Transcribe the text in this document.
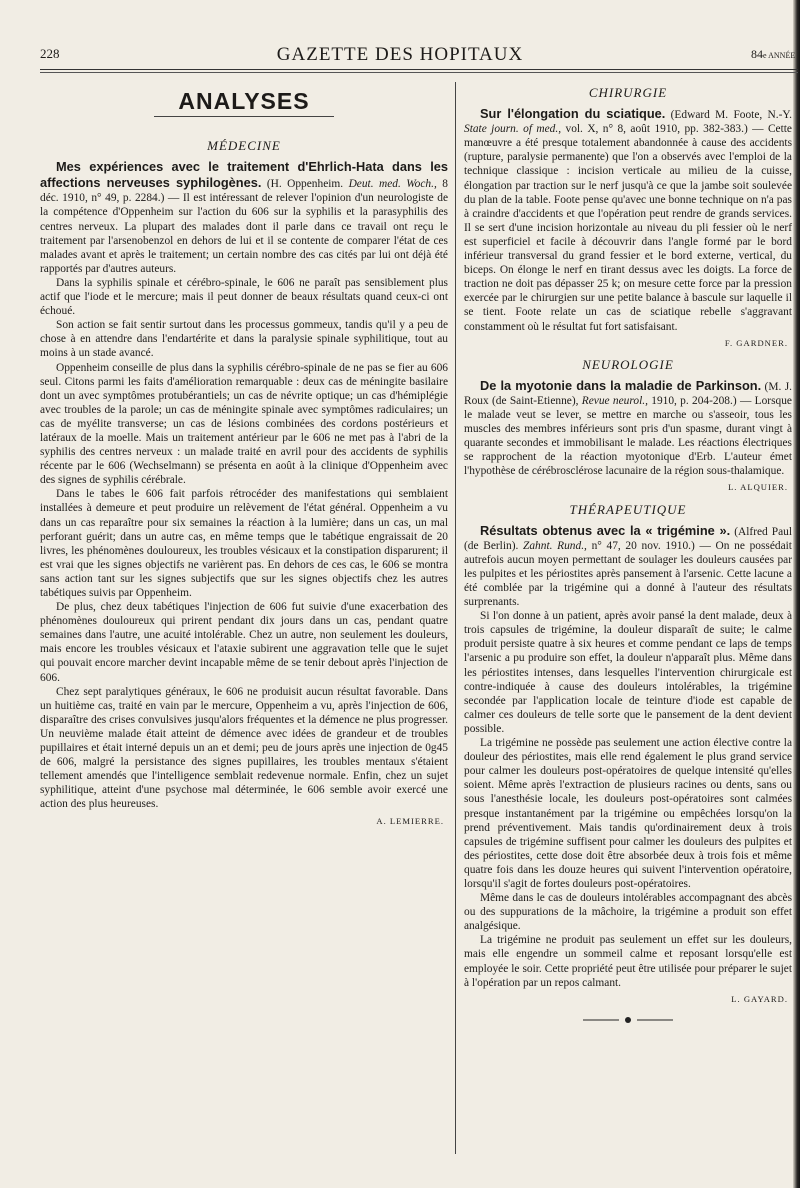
228	GAZETTE DES HOPITAUX	84e ANNÉE
ANALYSES
MÉDECINE

Mes expériences avec le traitement d'Ehrlich-Hata dans les affections nerveuses syphilogènes. (H. Oppenheim. Deut. med. Woch., 8 déc. 1910, n° 49, p. 2284.) — Il est intéressant de relever l'opinion d'un neurologiste de la compétence d'Oppenheim sur l'action du 606 sur la syphilis et la parasyphilis des centres nerveux. La plupart des malades dont il parle dans ce travail ont reçu le traitement par l'arsenobenzol en dehors de lui et il se contente de comparer l'état de ces malades avant et après le traitement; un certain nombre des cas cités par lui ont déjà été rapportés par d'autres auteurs.

Dans la syphilis spinale et cérébro-spinale, le 606 ne paraît pas sensiblement plus actif que l'iode et le mercure; mais il peut donner de beaux résultats quand ceux-ci ont échoué.

Son action se fait sentir surtout dans les processus gommeux, tandis qu'il y a peu de chose à en attendre dans l'endartérite et dans la paralysie spinale syphilitique, tout au moins à un stade avancé.

Oppenheim conseille de plus dans la syphilis cérébro-spinale de ne pas se fier au 606 seul. Citons parmi les faits d'amélioration remarquable : deux cas de méningite basilaire dont un avec symptômes protubérantiels; un cas de névrite optique; un cas d'hémiplégie avec troubles de la parole; un cas de méningite spinale avec symptômes radiculaires; un cas de myélite transverse; un cas de lésions combinées des cordons postérieurs et latéraux de la moelle. Mais un traitement antérieur par le 606 ne met pas à l'abri de la syphilis des centres nerveux : un malade traité en avril pour des accidents de syphilis récente par le 606 (Wechselmann) se présenta en août à la clinique d'Oppenheim avec des signes de syphilis cérébrale.

Dans le tabes le 606 fait parfois rétrocéder des manifestations qui semblaient installées à demeure et peut produire un relèvement de l'état général. Oppenheim a vu dans un cas reparaître pour six semaines la réaction à la lumière; dans un cas, un mal perforant guérit; dans un autre cas, en même temps que le tabétique engraissait de 20 livres, les phénomènes douloureux, les troubles vésicaux et la constipation disparurent; il est vrai que les signes objectifs ne varièrent pas. En dehors de ces cas, le 606 se montra sans action tant sur les signes subjectifs que sur les signes objectifs chez les autres tabétiques suivis par Oppenheim.

De plus, chez deux tabétiques l'injection de 606 fut suivie d'une exacerbation des phénomènes douloureux qui prirent pendant dix jours dans un cas, pendant quatre semaines dans l'autre, une acuité intolérable. Chez un autre, non seulement les douleurs, mais encore les troubles vésicaux et l'ataxie subirent une aggravation telle que le sujet qui pouvait encore marcher devint incapable même de se tenir debout après l'injection de 606.

Chez sept paralytiques généraux, le 606 ne produisit aucun résultat favorable. Dans un huitième cas, traité en vain par le mercure, Oppenheim a vu, après l'injection de 606, disparaître des crises convulsives jusqu'alors fréquentes et la démence ne plus progresser. Un neuvième malade était atteint de démence avec idées de grandeur et de troubles pupillaires et était interné depuis un an et demi; peu de jours après une injection de 0g45 de 606, malgré la persistance des signes pupillaires, les troubles mentaux s'étaient tellement amendés que l'intelligence semblait redevenue normale. Enfin, chez un sujet syphilitique, atteint d'une psychose mal déterminée, le 606 semble avoir exercé une action des plus heureuses.

A. LEMIERRE.
CHIRURGIE

Sur l'élongation du sciatique. (Edward M. Foote, N.-Y. State journ. of med., vol. X, n° 8, août 1910, pp. 382-383.) — Cette manœuvre a été presque totalement abandonnée à cause des accidents (rupture, paralysie permanente) que l'on a observés avec l'emploi de la technique classique : incision verticale au milieu de la cuisse, élongation par traction sur le nerf jusqu'à ce que la jambe soit soulevée du plan de la table. Foote pense qu'avec une bonne technique on n'a pas à craindre d'accidents et que l'opération peut rendre de grands services. Il se sert d'une incision horizontale au niveau du pli fessier où le nerf est superficiel et facile à découvrir dans l'angle formé par le bord inférieur transversal du grand fessier et le bord externe, vertical, du biceps. On élonge le nerf en tirant dessus avec les doigts. La force de traction ne doit pas dépasser 25 k; on mesure cette force par la pression exercée par le chirurgien sur une petite balance à bascule sur laquelle il se tient. Foote relate un cas de sciatique rebelle s'aggravant constamment où le résultat fut fort satisfaisant.

F. GARDNER.
NEUROLOGIE

De la myotonie dans la maladie de Parkinson. (M. J. Roux (de Saint-Etienne), Revue neurol., 1910, p. 204-208.) — Lorsque le malade veut se lever, se mettre en marche ou s'asseoir, tous les muscles des membres inférieurs sont pris d'un spasme, durant vingt à quarante secondes et immobilisant le malade. Les réactions électriques se rapprochent de la réaction myotonique d'Erb. L'auteur émet l'hypothèse de cérébrosclérose lacunaire de la région sous-thalamique.

L. ALQUIER.
THÉRAPEUTIQUE

Résultats obtenus avec la « trigémine ». (Alfred Paul (de Berlin). Zahnt. Rund., n° 47, 20 nov. 1910.) — On ne possédait autrefois aucun moyen permettant de soulager les douleurs causées par les pulpites et les périostites après pansement à l'arsenic. Cette lacune a été comblée par la trigémine qui a donné à l'auteur des résultats surprenants.

Si l'on donne à un patient, après avoir pansé la dent malade, deux à trois capsules de trigémine, la douleur disparaît de suite; le calme produit persiste quatre à six heures et comme pendant ce laps de temps l'arsenic a pu produire son effet, la douleur n'apparaît plus. Même dans les périostites intenses, dans lesquelles l'intervention chirurgicale est contre-indiquée à cause des douleurs intolérables, la trigémine secondée par l'application locale de teinture d'iode est capable de calmer ces douleurs de telle sorte que le pansement de la dent devient possible.

La trigémine ne possède pas seulement une action élective contre la douleur des périostites, mais elle rend également le plus grand service pour calmer les douleurs post-opératoires de quelque intensité qu'elles soient. Même après l'extraction de plusieurs racines ou dents, sans ou sous l'anesthésie locale, les douleurs post-opératoires sont calmées presque instantanément par la trigémine ou empêchées lorsqu'on la prend préventivement. Mais tandis qu'ordinairement deux à trois capsules de trigémine suffisent pour calmer les douleurs des pulpites et des périostites, cette dose doit être absorbée deux à trois fois et même quatre fois dans les douze heures qui suivent l'intervention opératoire, lorsqu'il s'agit de fortes douleurs post-opératoires.

Même dans le cas de douleurs intolérables accompagnant des abcès ou des suppurations de la mâchoire, la trigémine a produit son effet analgésique.

La trigémine ne produit pas seulement un effet sur les douleurs, mais elle engendre un sommeil calme et reposant lorsqu'elle est employée le soir. Cette propriété peut être utilisée pour préparer le sujet à l'opération par un repos calmant.

L. GAYARD.
